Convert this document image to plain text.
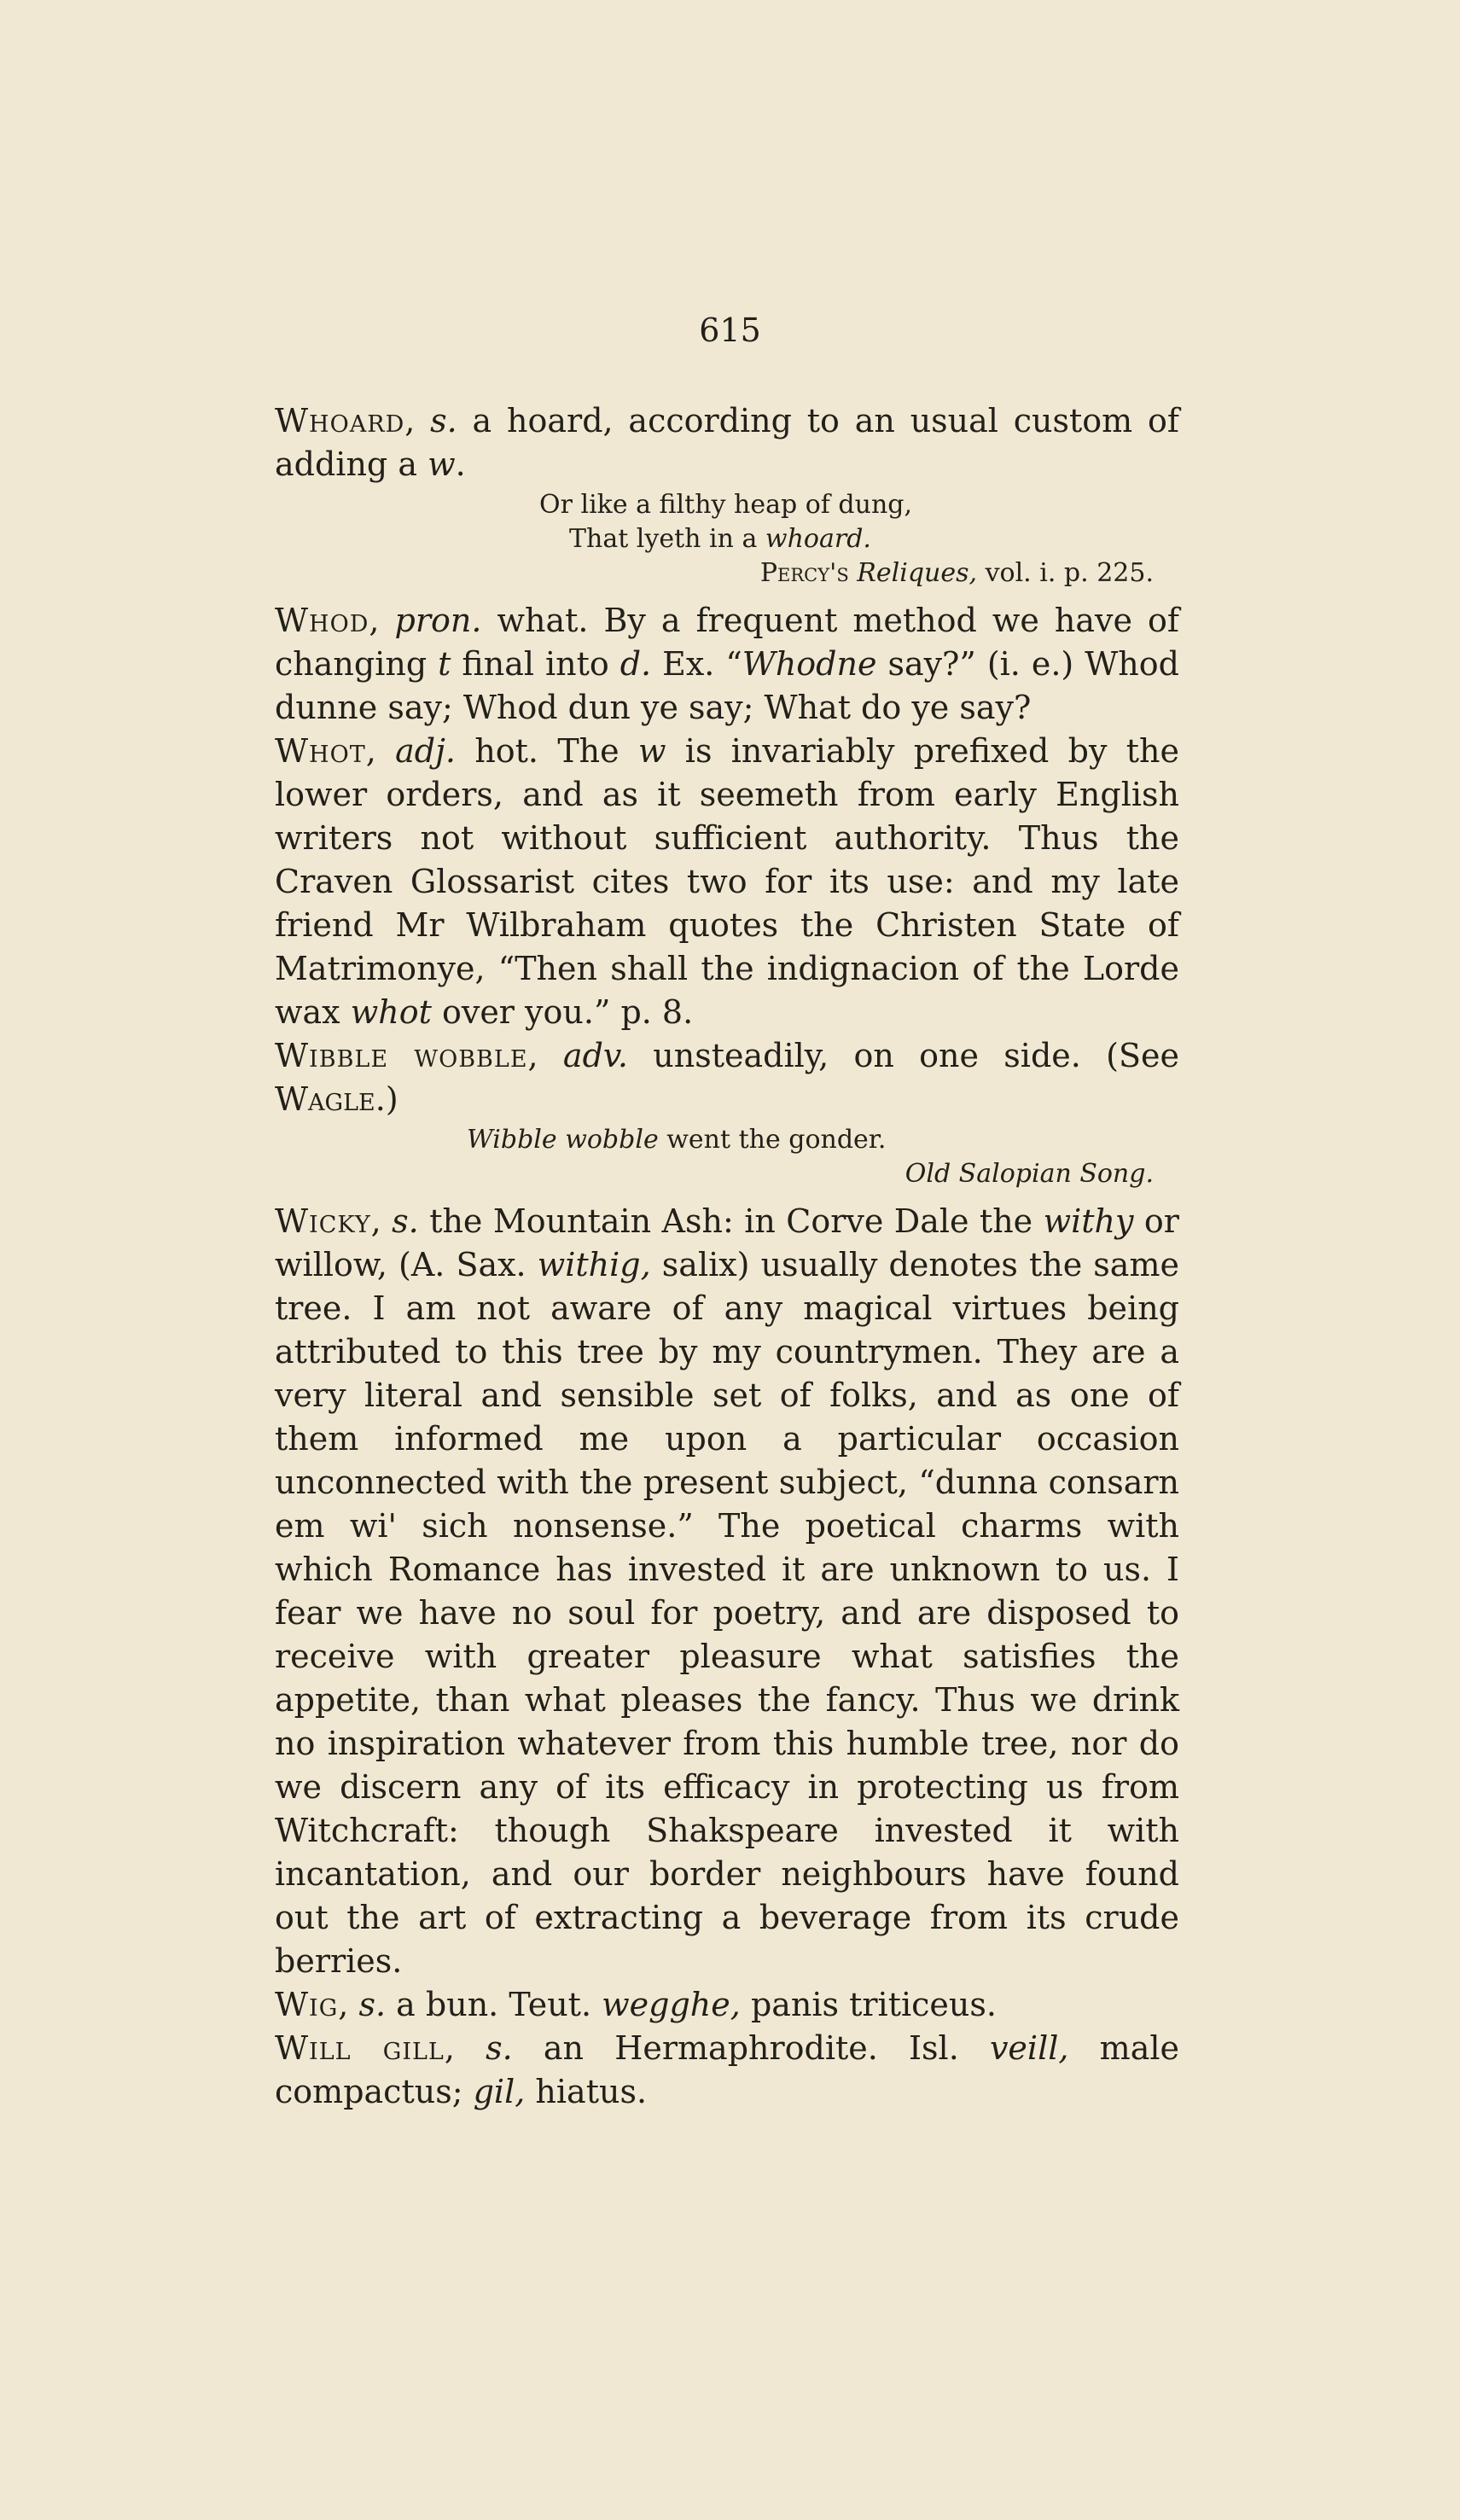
615

Whoard, s. a hoard, according to an usual custom of adding a w.

Or like a filthy heap of dung,
That lyeth in a whoard.
Percy's Reliques, vol. i. p. 225.

Whod, pron. what. By a frequent method we have of changing t final into d. Ex. “Whodne say?” (i. e.) Whod dunne say; Whod dun ye say; What do ye say?

Whot, adj. hot. The w is invariably prefixed by the lower orders, and as it seemeth from early English writers not without sufficient authority. Thus the Craven Glossarist cites two for its use: and my late friend Mr Wilbraham quotes the Christen State of Matrimonye, “Then shall the indignacion of the Lorde wax whot over you.” p. 8.

Wibble wobble, adv. unsteadily, on one side. (See Wagle.)

Wibble wobble went the gonder.
Old Salopian Song.

Wicky, s. the Mountain Ash: in Corve Dale the withy or willow, (A. Sax. withig, salix) usually denotes the same tree. I am not aware of any magical virtues being attributed to this tree by my countrymen. They are a very literal and sensible set of folks, and as one of them informed me upon a particular occasion unconnected with the present subject, “dunna consarn em wi' sich nonsense.” The poetical charms with which Romance has invested it are unknown to us. I fear we have no soul for poetry, and are disposed to receive with greater pleasure what satisfies the appetite, than what pleases the fancy. Thus we drink no inspiration whatever from this humble tree, nor do we discern any of its efficacy in protecting us from Witchcraft: though Shakspeare invested it with incantation, and our border neighbours have found out the art of extracting a beverage from its crude berries.

Wig, s. a bun. Teut. wegghe, panis triticeus.

Will gill, s. an Hermaphrodite. Isl. veill, male compactus; gil, hiatus.
